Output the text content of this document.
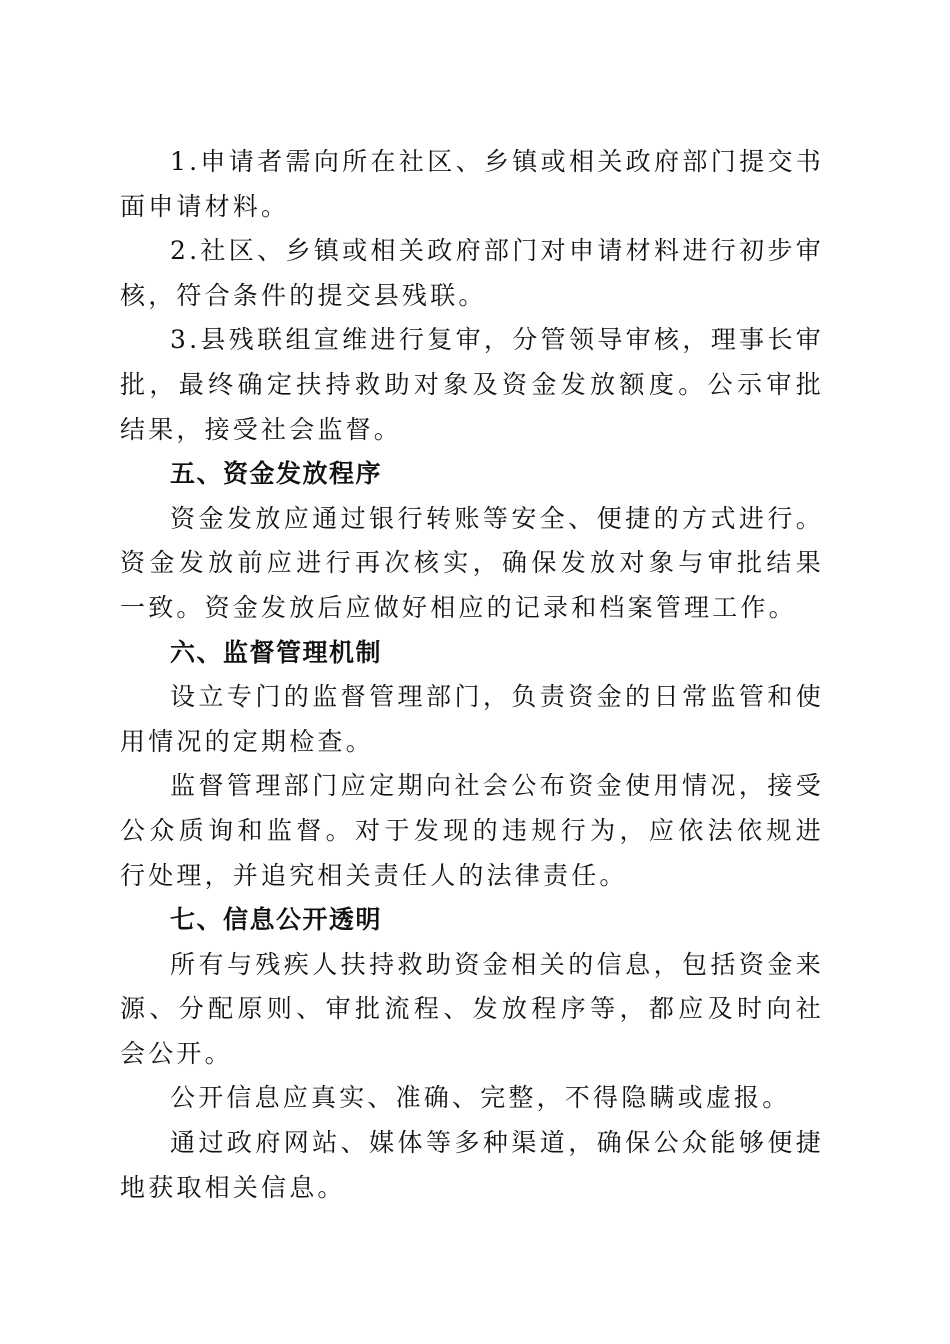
1.申请者需向所在社区、乡镇或相关政府部门提交书面申请材料。

2.社区、乡镇或相关政府部门对申请材料进行初步审核，符合条件的提交县残联。

3.县残联组宣维进行复审，分管领导审核，理事长审批，最终确定扶持救助对象及资金发放额度。公示审批结果，接受社会监督。

五、资金发放程序

资金发放应通过银行转账等安全、便捷的方式进行。资金发放前应进行再次核实，确保发放对象与审批结果一致。资金发放后应做好相应的记录和档案管理工作。

六、监督管理机制

设立专门的监督管理部门，负责资金的日常监管和使用情况的定期检查。

监督管理部门应定期向社会公布资金使用情况，接受公众质询和监督。对于发现的违规行为，应依法依规进行处理，并追究相关责任人的法律责任。

七、信息公开透明

所有与残疾人扶持救助资金相关的信息，包括资金来源、分配原则、审批流程、发放程序等，都应及时向社会公开。

公开信息应真实、准确、完整，不得隐瞒或虚报。

通过政府网站、媒体等多种渠道，确保公众能够便捷地获取相关信息。
